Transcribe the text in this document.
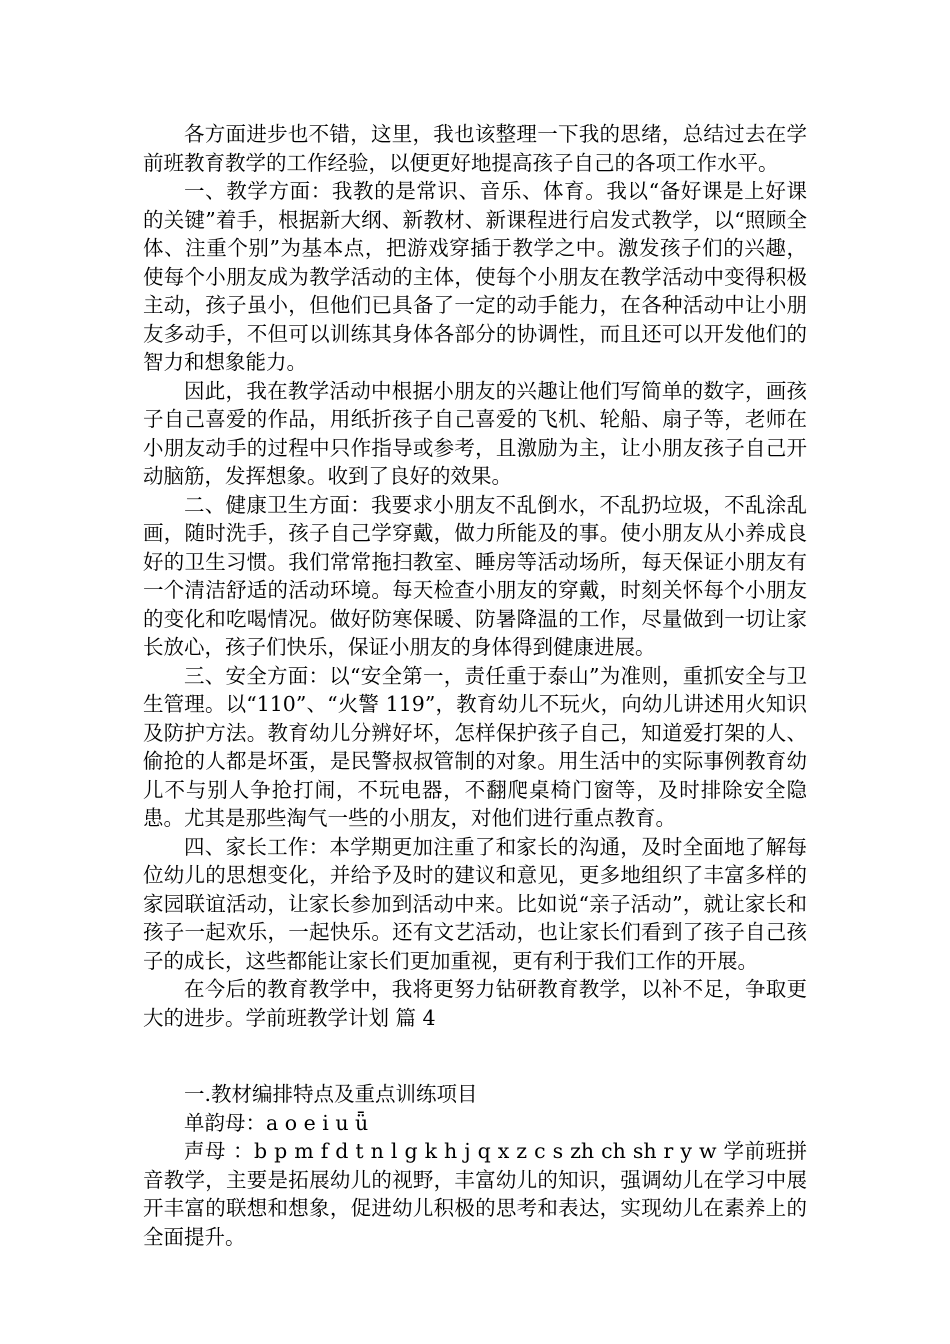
各方面进步也不错，这里，我也该整理一下我的思绪，总结过去在学前班教育教学的工作经验，以便更好地提高孩子自己的各项工作水平。

一、教学方面：我教的是常识、音乐、体育。我以“备好课是上好课的关键”着手，根据新大纲、新教材、新课程进行启发式教学，以“照顾全体、注重个别”为基本点，把游戏穿插于教学之中。激发孩子们的兴趣，使每个小朋友成为教学活动的主体，使每个小朋友在教学活动中变得积极主动，孩子虽小，但他们已具备了一定的动手能力，在各种活动中让小朋友多动手，不但可以训练其身体各部分的协调性，而且还可以开发他们的智力和想象能力。

因此，我在教学活动中根据小朋友的兴趣让他们写简单的数字，画孩子自己喜爱的作品，用纸折孩子自己喜爱的飞机、轮船、扇子等，老师在小朋友动手的过程中只作指导或参考，且激励为主，让小朋友孩子自己开动脑筋，发挥想象。收到了良好的效果。

二、健康卫生方面：我要求小朋友不乱倒水，不乱扔垃圾，不乱涂乱画，随时洗手，孩子自己学穿戴，做力所能及的事。使小朋友从小养成良好的卫生习惯。我们常常拖扫教室、睡房等活动场所，每天保证小朋友有一个清洁舒适的活动环境。每天检查小朋友的穿戴，时刻关怀每个小朋友的变化和吃喝情况。做好防寒保暖、防暑降温的工作，尽量做到一切让家长放心，孩子们快乐，保证小朋友的身体得到健康进展。

三、安全方面：以“安全第一，责任重于泰山”为准则，重抓安全与卫生管理。以“110”、“火警 119”，教育幼儿不玩火，向幼儿讲述用火知识及防护方法。教育幼儿分辨好坏，怎样保护孩子自己，知道爱打架的人、偷抢的人都是坏蛋，是民警叔叔管制的对象。用生活中的实际事例教育幼儿不与别人争抢打闹，不玩电器，不翻爬桌椅门窗等，及时排除安全隐患。尤其是那些淘气一些的小朋友，对他们进行重点教育。

四、家长工作：本学期更加注重了和家长的沟通，及时全面地了解每位幼儿的思想变化，并给予及时的建议和意见，更多地组织了丰富多样的家园联谊活动，让家长参加到活动中来。比如说“亲子活动”，就让家长和孩子一起欢乐，一起快乐。还有文艺活动，也让家长们看到了孩子自己孩子的成长，这些都能让家长们更加重视，更有利于我们工作的开展。

在今后的教育教学中，我将更努力钻研教育教学，以补不足，争取更大的进步。学前班教学计划 篇 4

一.教材编排特点及重点训练项目

单韵母：a o e i u ǖ

声母 ：b p m f d t n l g k h j q x z c s zh ch sh r y w 学前班拼音教学，主要是拓展幼儿的视野，丰富幼儿的知识，强调幼儿在学习中展开丰富的联想和想象，促进幼儿积极的思考和表达，实现幼儿在素养上的全面提升。
